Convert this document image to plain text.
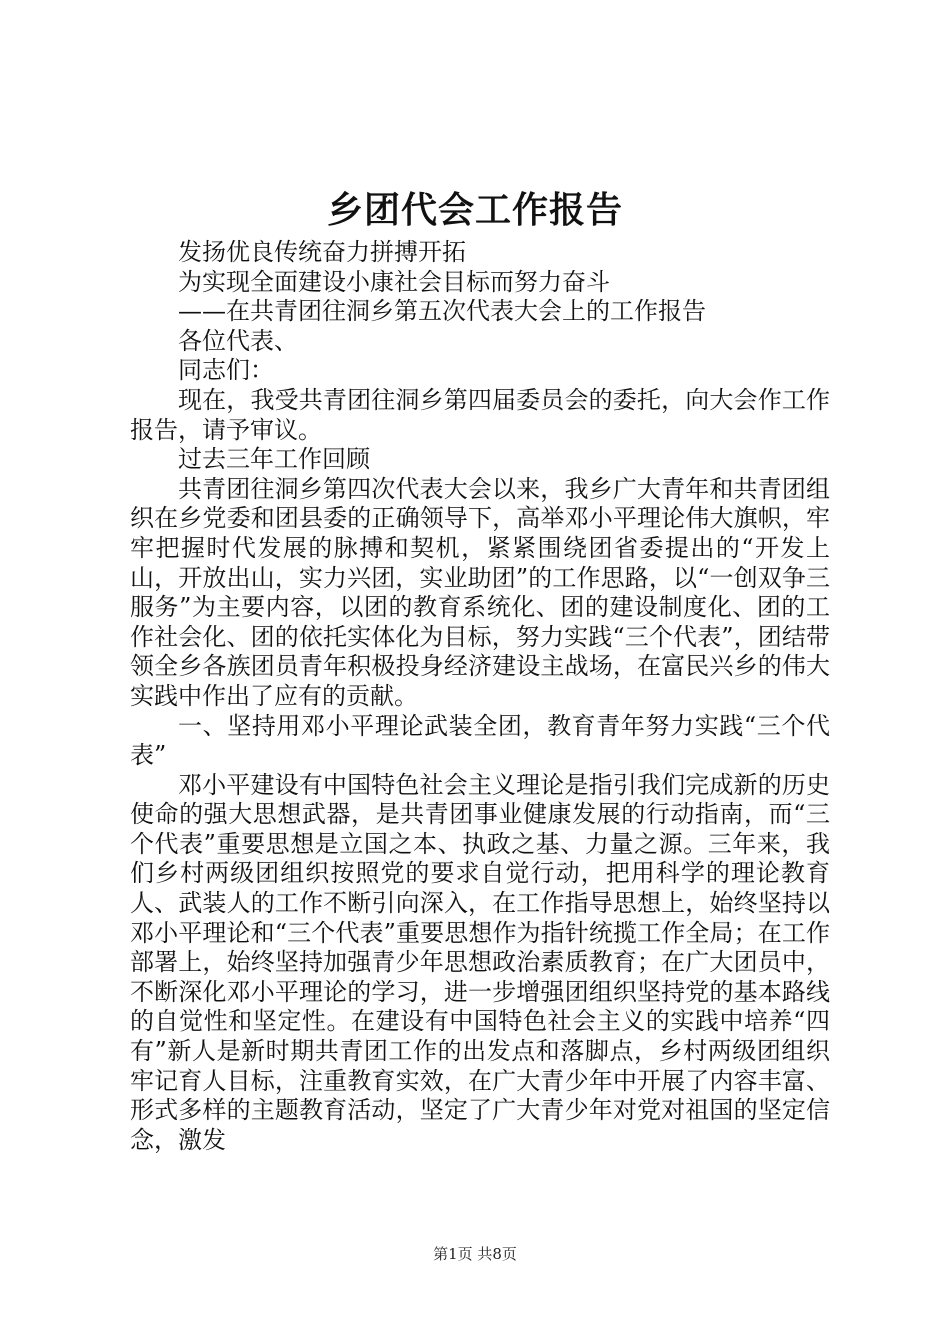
乡团代会工作报告

发扬优良传统奋力拼搏开拓

为实现全面建设小康社会目标而努力奋斗

——在共青团往洞乡第五次代表大会上的工作报告

各位代表、

同志们：

现在，我受共青团往洞乡第四届委员会的委托，向大会作工作报告，请予审议。

过去三年工作回顾

共青团往洞乡第四次代表大会以来，我乡广大青年和共青团组织在乡党委和团县委的正确领导下，高举邓小平理论伟大旗帜，牢牢把握时代发展的脉搏和契机，紧紧围绕团省委提出的“开发上山，开放出山，实力兴团，实业助团”的工作思路，以“一创双争三服务”为主要内容，以团的教育系统化、团的建设制度化、团的工作社会化、团的依托实体化为目标，努力实践“三个代表”，团结带领全乡各族团员青年积极投身经济建设主战场，在富民兴乡的伟大实践中作出了应有的贡献。

一、坚持用邓小平理论武装全团，教育青年努力实践“三个代表”

邓小平建设有中国特色社会主义理论是指引我们完成新的历史使命的强大思想武器，是共青团事业健康发展的行动指南，而“三个代表”重要思想是立国之本、执政之基、力量之源。三年来，我们乡村两级团组织按照党的要求自觉行动，把用科学的理论教育人、武装人的工作不断引向深入，在工作指导思想上，始终坚持以邓小平理论和“三个代表”重要思想作为指针统揽工作全局；在工作部署上，始终坚持加强青少年思想政治素质教育；在广大团员中，不断深化邓小平理论的学习，进一步增强团组织坚持党的基本路线的自觉性和坚定性。在建设有中国特色社会主义的实践中培养“四有”新人是新时期共青团工作的出发点和落脚点，乡村两级团组织牢记育人目标，注重教育实效，在广大青少年中开展了内容丰富、形式多样的主题教育活动，坚定了广大青少年对党对祖国的坚定信念，激发

第1页 共8页
